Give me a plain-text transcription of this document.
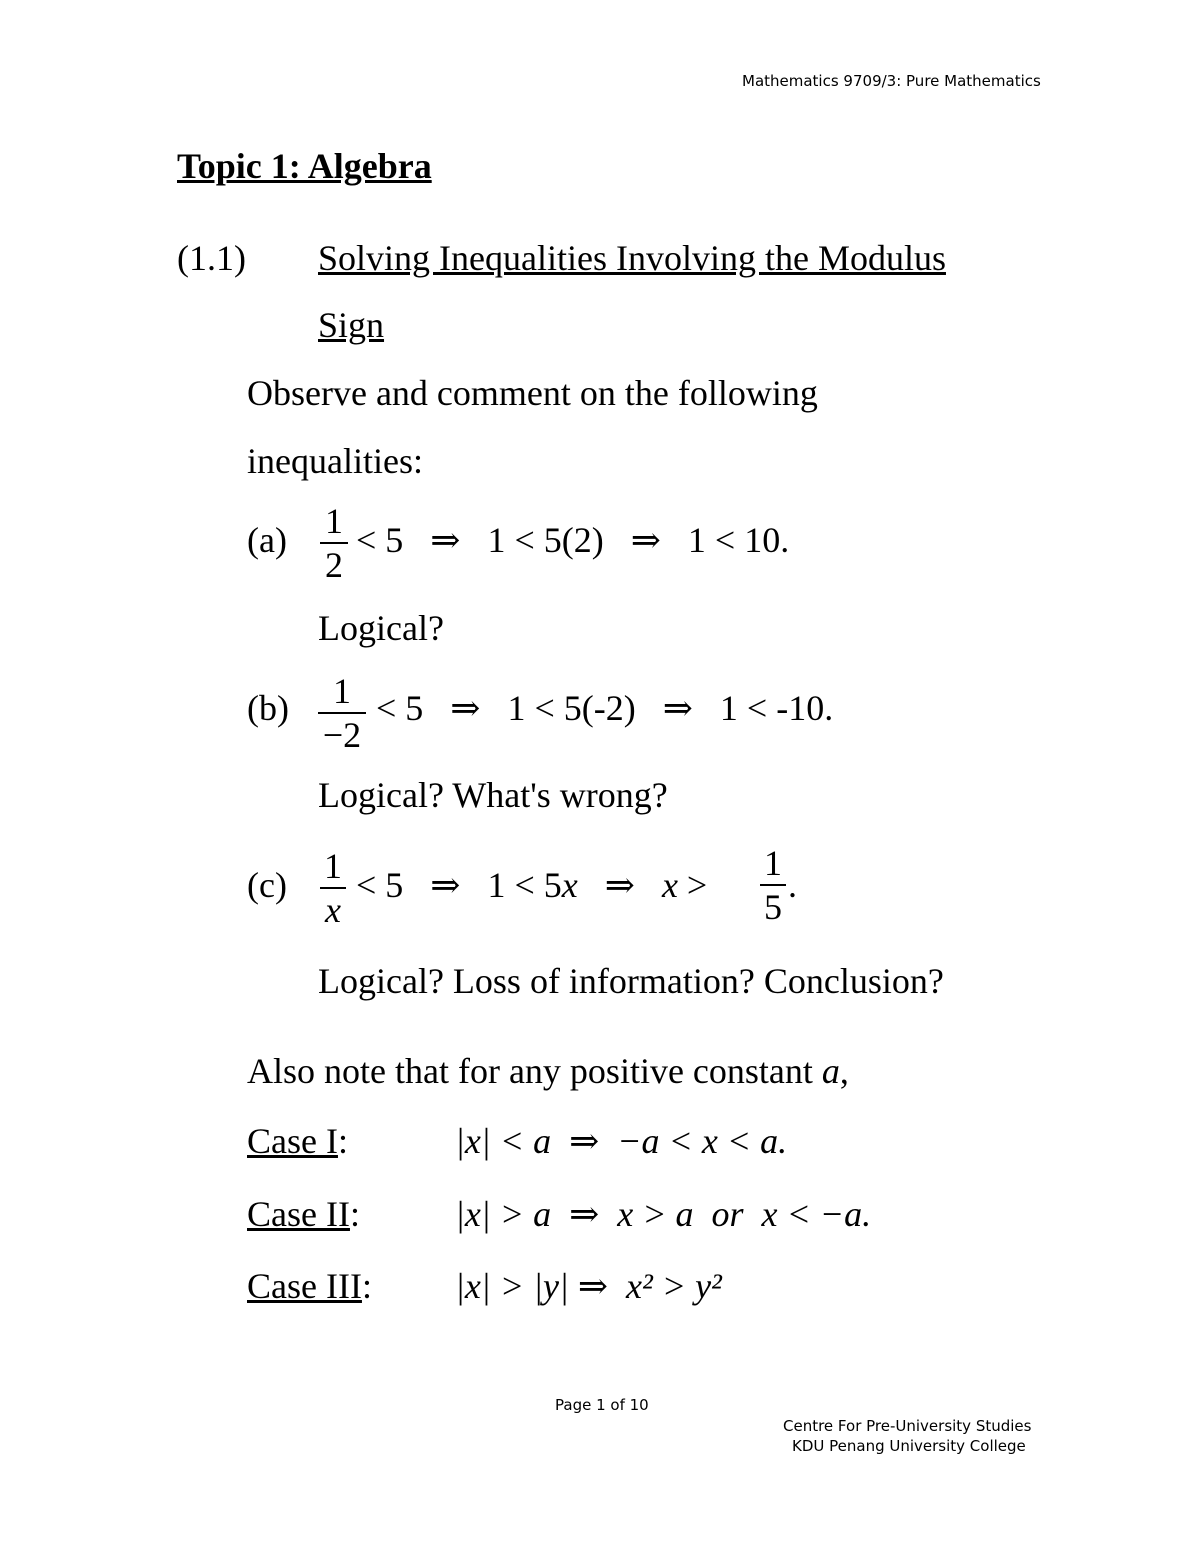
Mathematics 9709/3: Pure Mathematics
Topic 1: Algebra
(1.1) Solving Inequalities Involving the Modulus
Sign
Observe and comment on the following
inequalities:
(a) 1
2
< 5   ⇒   1 < 5(2)   ⇒   1 < 10.
Logical?
(b)	1
−2
< 5   ⇒   1 < 5(-2)   ⇒   1 < -10.
Logical? What's wrong?
(c) 1
x
< 5   ⇒   1 < 5x   ⇒   x >
1
5
.
Logical? Loss of information? Conclusion?
Also note that for any positive constant a,
Case I:
Case II:
Case III:
|x| < a  ⇒  −a < x < a.
|x| > a  ⇒  x > a  or  x < −a.
|x| > |y| ⇒  x² > y²
Page 1 of 10
Centre For Pre-University Studies
KDU Penang University College
